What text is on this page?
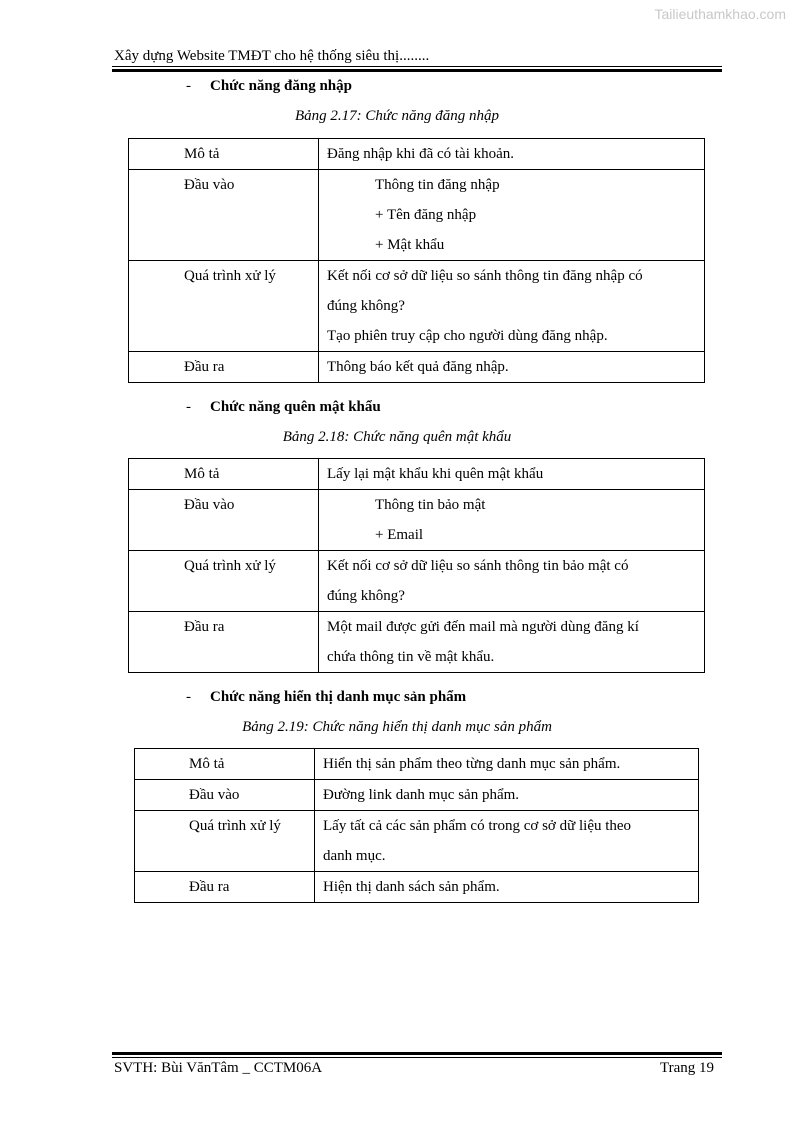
Tailieuthamkhao.com
Xây dựng Website TMĐT cho hệ thống siêu thị........
- Chức năng đăng nhập
Bảng 2.17: Chức năng đăng nhập
Mô tả	Đăng nhập khi đã có tài khoản.

Đầu vào	Thông tin đăng nhập
+ Tên đăng nhập
+ Mật khẩu

Quá trình xử lý	Kết nối cơ sở dữ liệu so sánh thông tin đăng nhập có
đúng không?
Tạo phiên truy cập cho người dùng đăng nhập.

Đầu ra	Thông báo kết quả đăng nhập.
- Chức năng quên mật khẩu
Bảng 2.18: Chức năng quên mật khẩu
Mô tả	Lấy lại mật khẩu khi quên mật khẩu

Đầu vào	Thông tin bảo mật
+ Email

Quá trình xử lý	Kết nối cơ sở dữ liệu so sánh thông tin bảo mật có
đúng không?

Đầu ra	Một mail được gửi đến mail mà người dùng đăng kí
chứa thông tin về mật khẩu.
- Chức năng hiển thị danh mục sản phẩm
Bảng 2.19: Chức năng hiển thị danh mục sản phẩm
Mô tả	Hiển thị sản phẩm theo từng danh mục sản phẩm.

Đầu vào	Đường link danh mục sản phẩm.

Quá trình xử lý	Lấy tất cả các sản phẩm có trong cơ sở dữ liệu theo
danh mục.

Đầu ra	Hiện thị danh sách sản phẩm.
SVTH: Bùi VănTâm _ CCTM06A	Trang 19
